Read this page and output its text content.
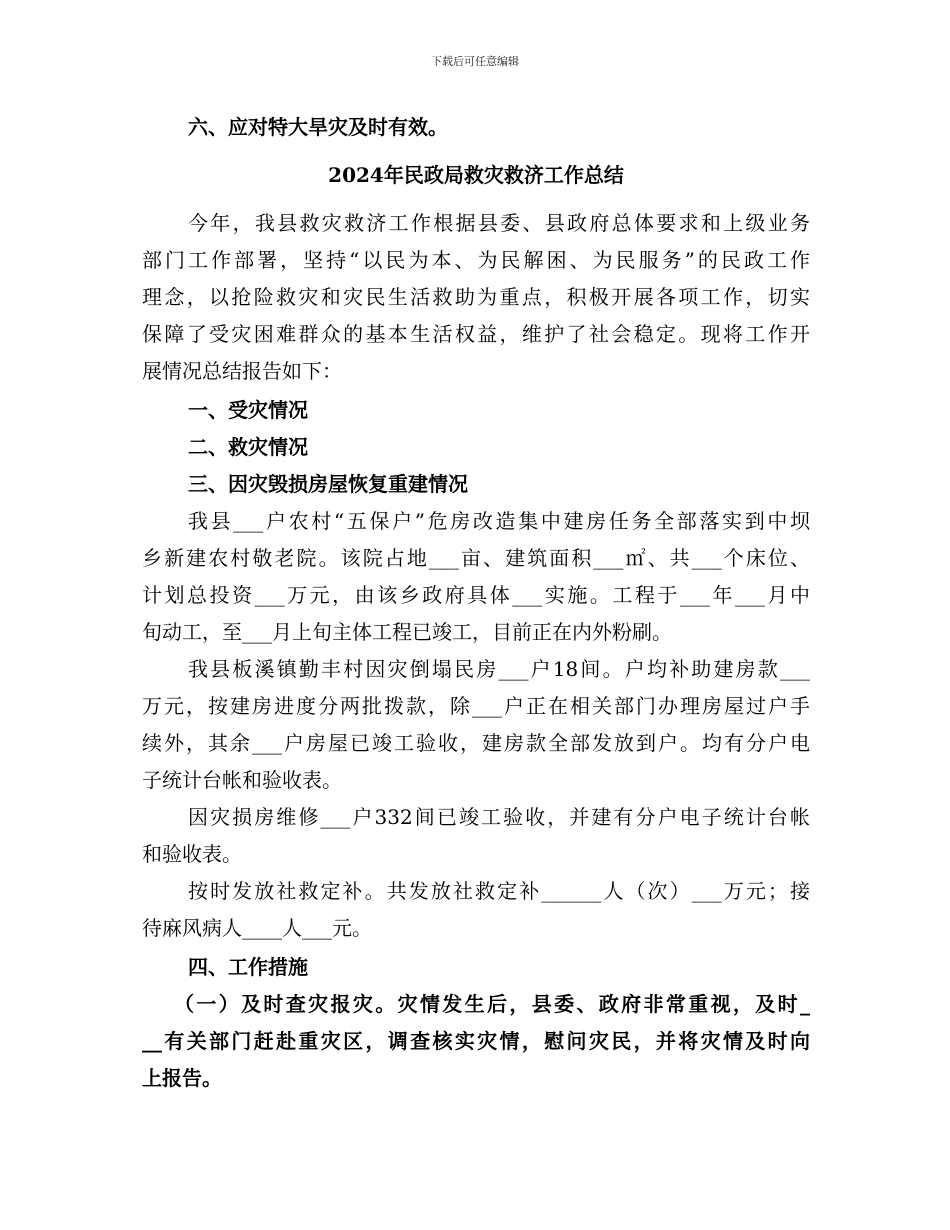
下载后可任意编辑
六、应对特大旱灾及时有效。
2024年民政局救灾救济工作总结
今年，我县救灾救济工作根据县委、县政府总体要求和上级业务
部门工作部署，坚持“以民为本、为民解困、为民服务”的民政工作
理念，以抢险救灾和灾民生活救助为重点，积极开展各项工作，切实
保障了受灾困难群众的基本生活权益，维护了社会稳定。现将工作开
展情况总结报告如下：
一、受灾情况
二、救灾情况
三、因灾毁损房屋恢复重建情况
我县___户农村“五保户”危房改造集中建房任务全部落实到中坝
乡新建农村敬老院。该院占地___亩、建筑面积___㎡、共___个床位、
计划总投资___万元，由该乡政府具体___实施。工程于___年___月中
旬动工，至___月上旬主体工程已竣工，目前正在内外粉刷。
我县板溪镇勤丰村因灾倒塌民房___户18间。户均补助建房款___
万元，按建房进度分两批拨款，除___户正在相关部门办理房屋过户手
续外，其余___户房屋已竣工验收，建房款全部发放到户。均有分户电
子统计台帐和验收表。
因灾损房维修___户332间已竣工验收，并建有分户电子统计台帐
和验收表。
按时发放社救定补。共发放社救定补______人（次）___万元；接
待麻风病人____人___元。
四、工作措施
（一）及时查灾报灾。灾情发生后，县委、政府非常重视，及时_
__有关部门赶赴重灾区，调查核实灾情，慰问灾民，并将灾情及时向
上报告。
